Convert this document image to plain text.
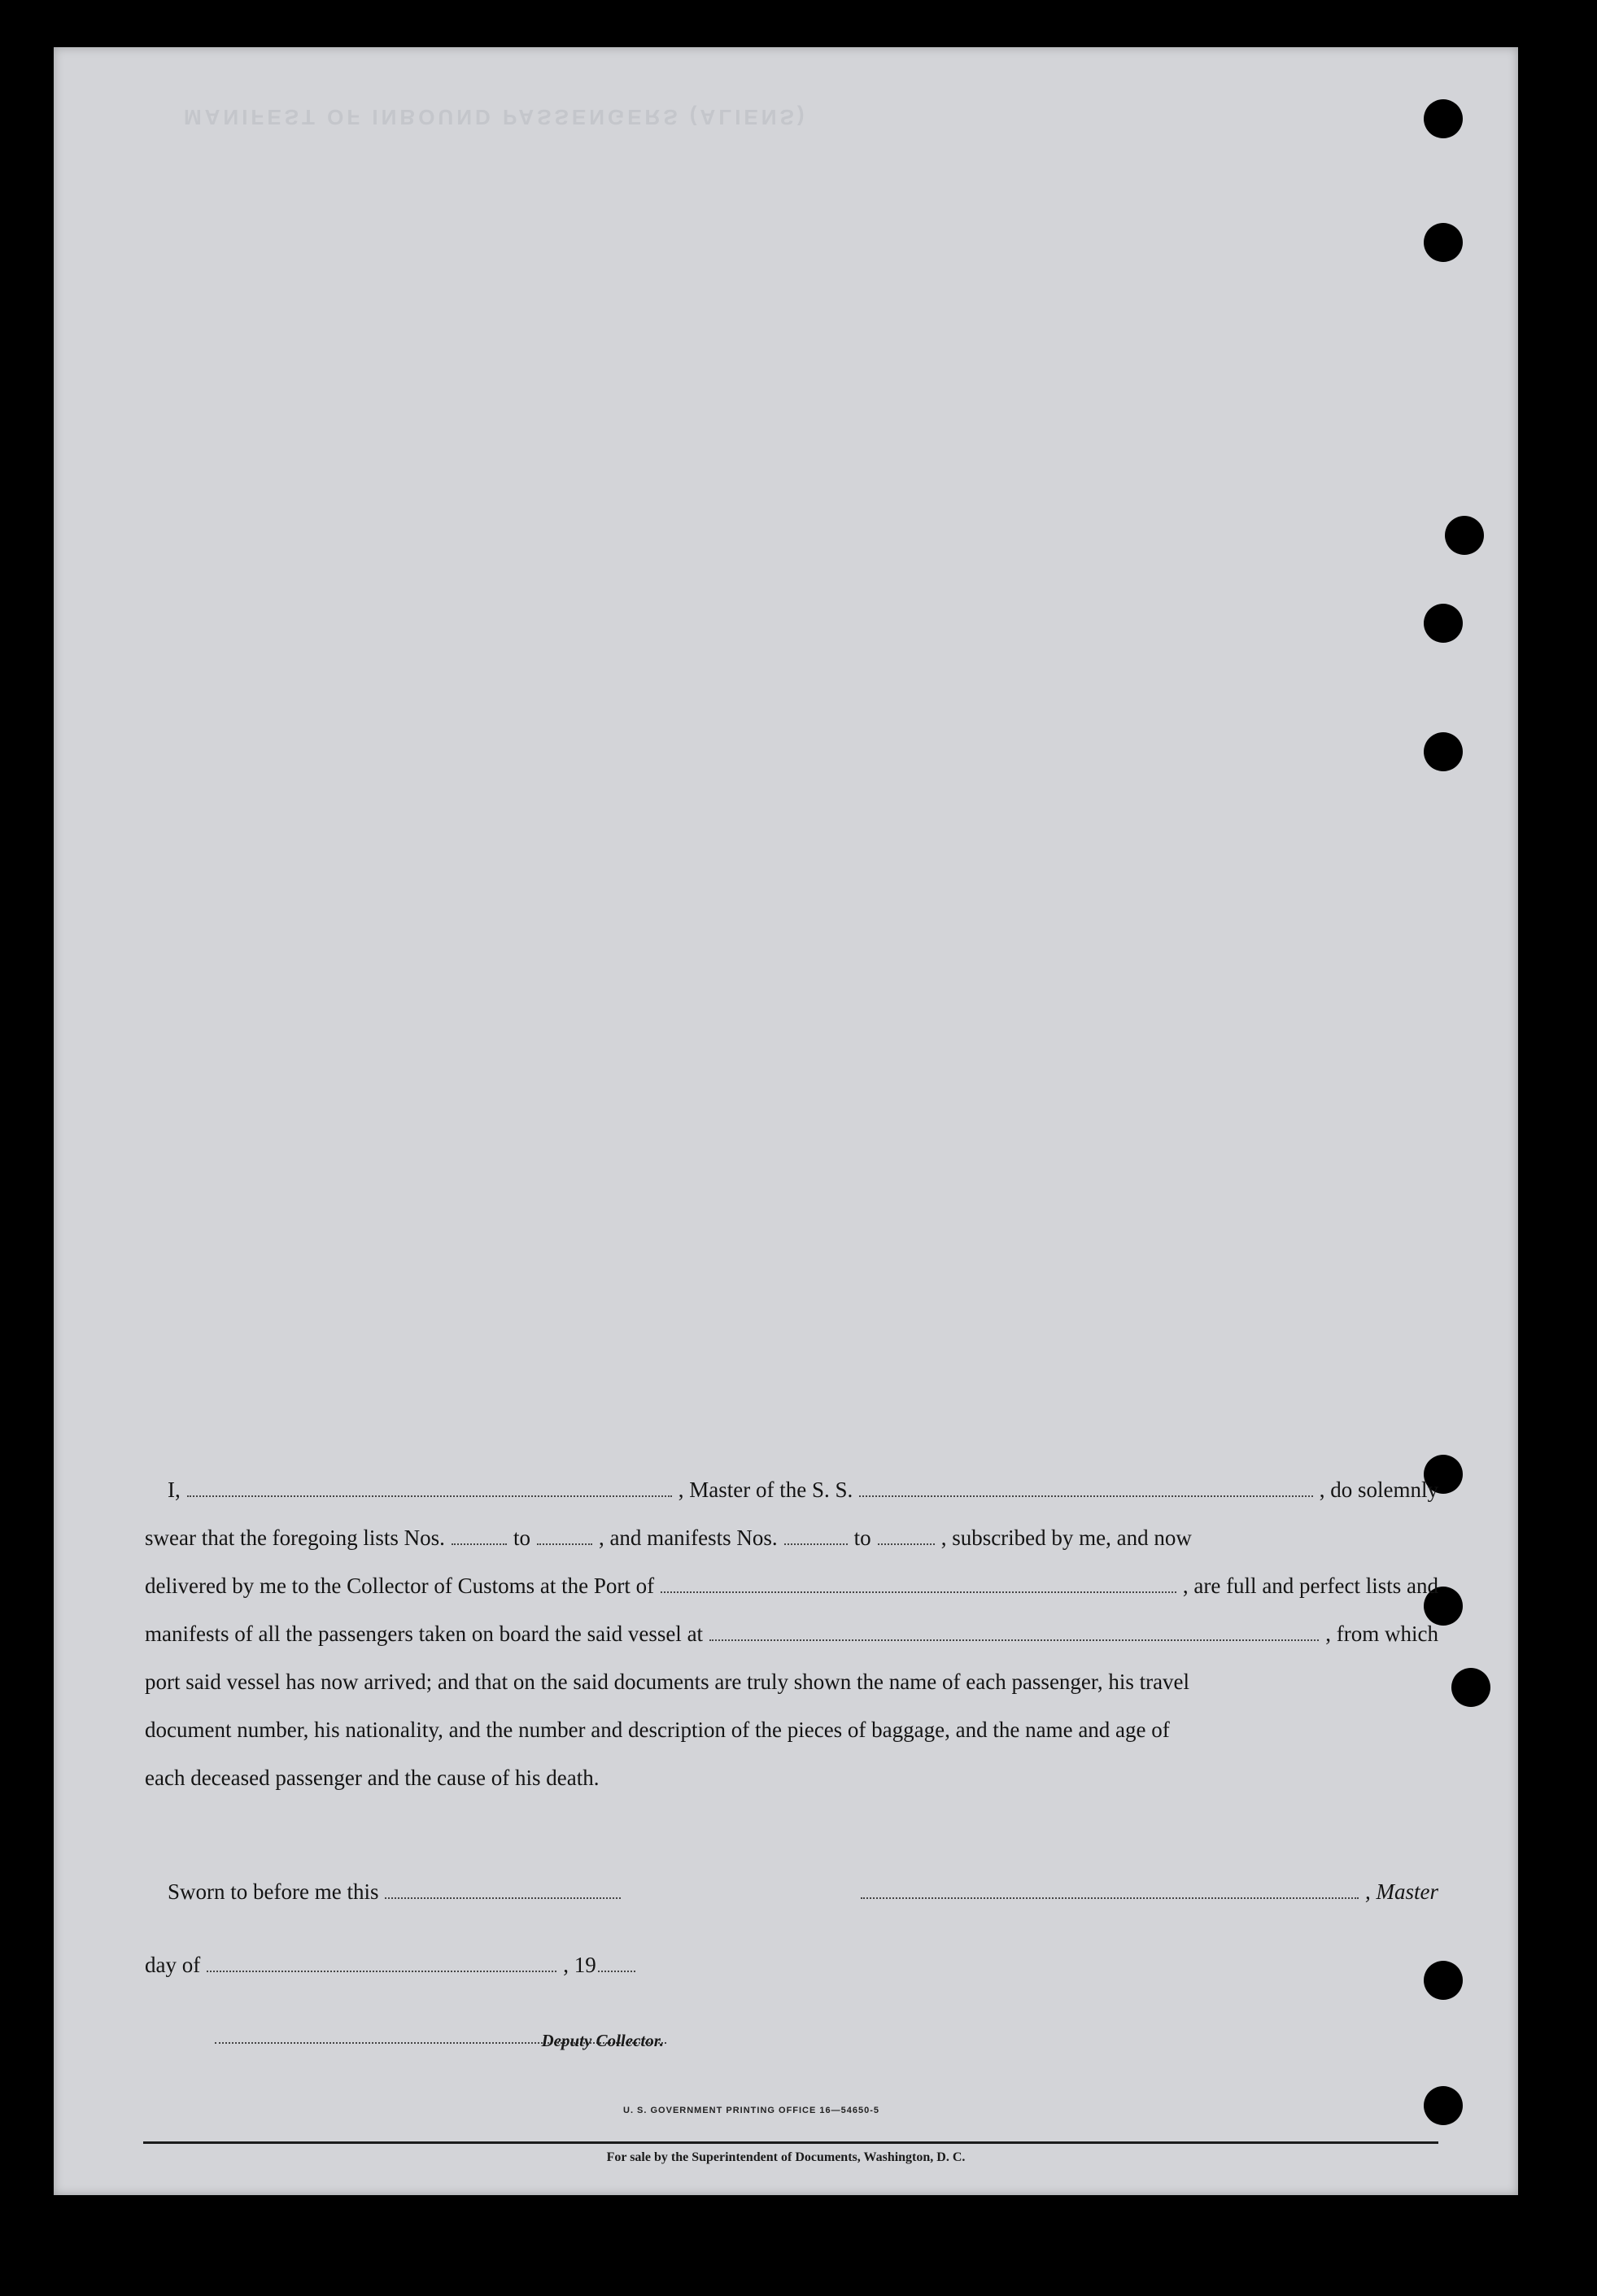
MANIFEST OF INBOUND PASSENGERS (ALIENS)
I,	, Master of the S. S.	, do solemnly
swear that the foregoing lists Nos.	to	, and manifests Nos.	to	, subscribed by me, and now
delivered by me to the Collector of Customs at the Port of	, are full and perfect lists and
manifests of all the passengers taken on board the said vessel at	, from which
port said vessel has now arrived; and that on the said documents are truly shown the name of each passenger, his travel
document number, his nationality, and the number and description of the pieces of baggage, and the name and age of
each deceased passenger and the cause of his death.
Sworn to before me this	, Master
day of	, 19
Deputy Collector.
U. S. GOVERNMENT PRINTING OFFICE 16—54650-5
For sale by the Superintendent of Documents, Washington, D. C.
